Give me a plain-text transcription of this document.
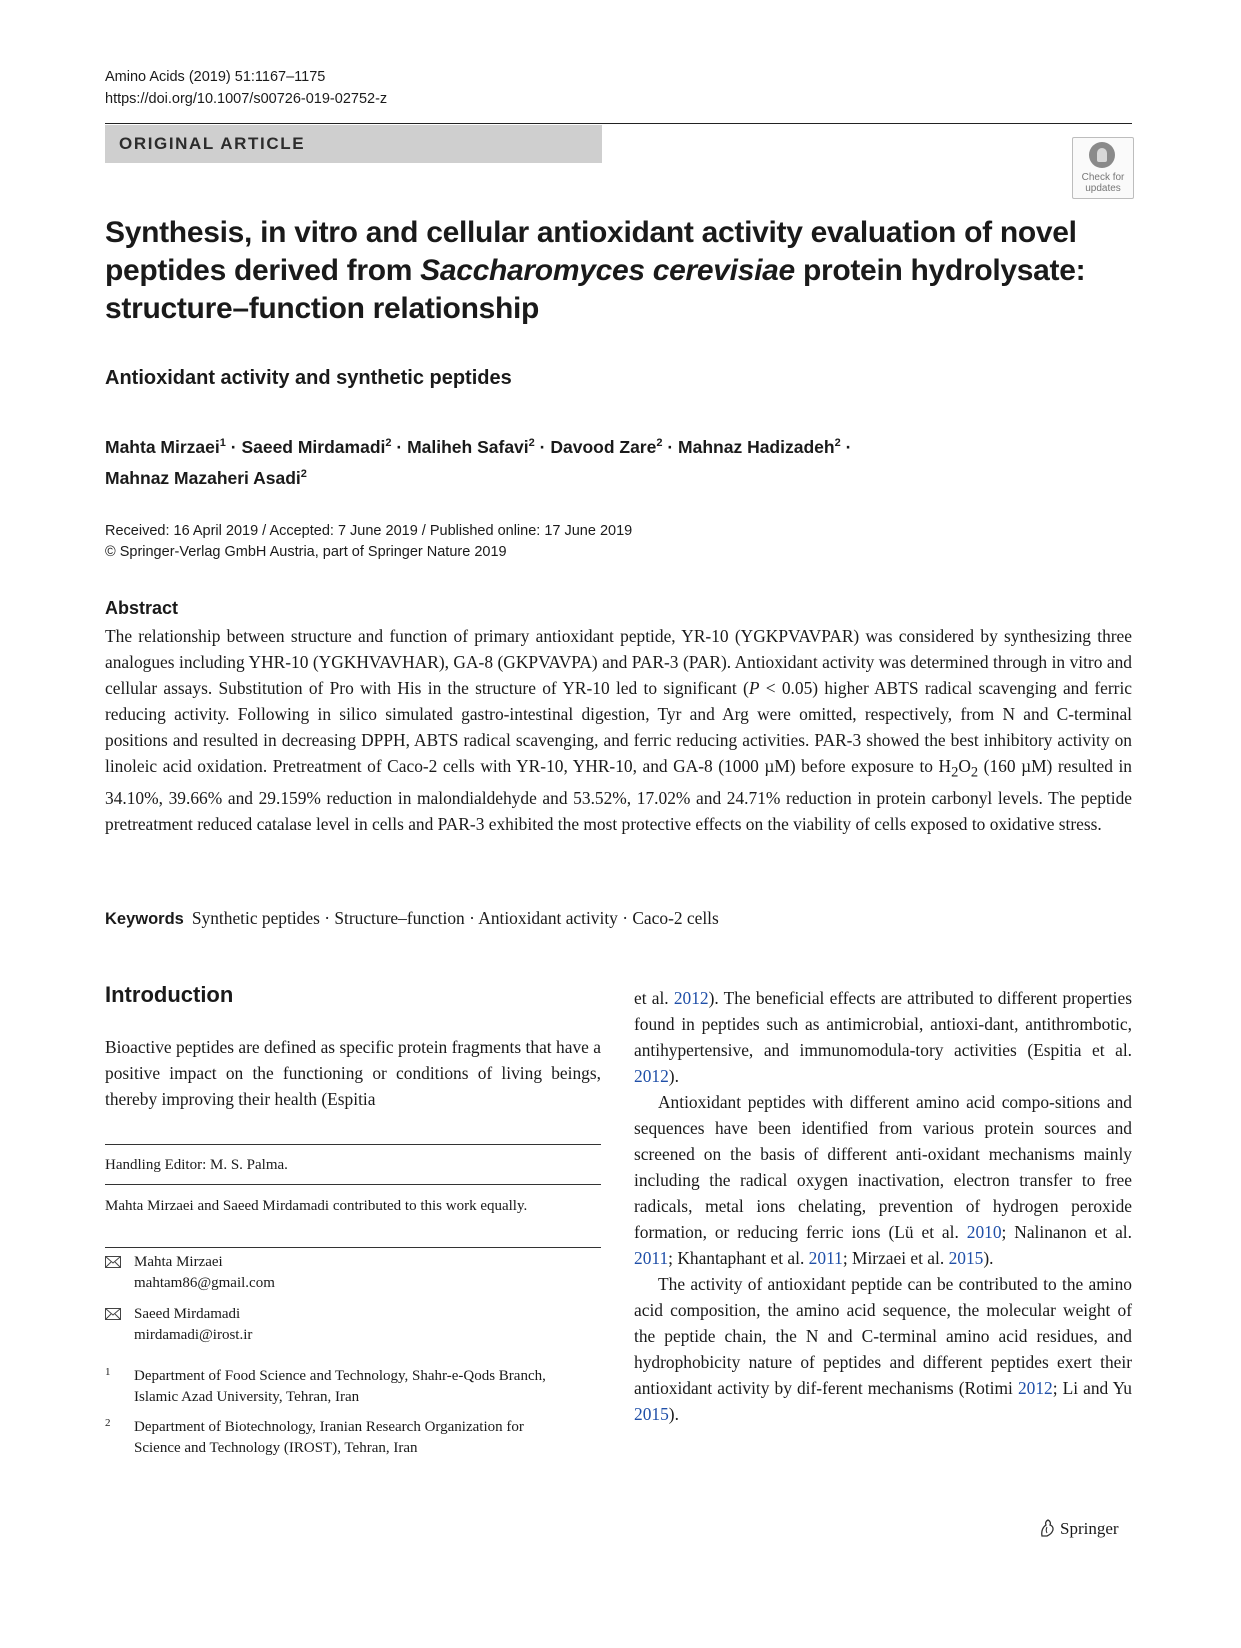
Amino Acids (2019) 51:1167–1175
https://doi.org/10.1007/s00726-019-02752-z
ORIGINAL ARTICLE
Check for
updates
Synthesis, in vitro and cellular antioxidant activity evaluation of novel peptides derived from Saccharomyces cerevisiae protein hydrolysate: structure–function relationship
Antioxidant activity and synthetic peptides
Mahta Mirzaei$^1$ · Saeed Mirdamadi$^2$ · Maliheh Safavi$^2$ · Davood Zare$^2$ · Mahnaz Hadizadeh$^2$ ·
Mahnaz Mazaheri Asadi$^2$
Received: 16 April 2019 / Accepted: 7 June 2019 / Published online: 17 June 2019
© Springer-Verlag GmbH Austria, part of Springer Nature 2019
Abstract
The relationship between structure and function of primary antioxidant peptide, YR-10 (YGKPVAVPAR) was considered by synthesizing three analogues including YHR-10 (YGKHVAVHAR), GA-8 (GKPVAVPA) and PAR-3 (PAR). Antioxidant activity was determined through in vitro and cellular assays. Substitution of Pro with His in the structure of YR-10 led to significant (P < 0.05) higher ABTS radical scavenging and ferric reducing activity. Following in silico simulated gastro-intestinal digestion, Tyr and Arg were omitted, respectively, from N and C-terminal positions and resulted in decreasing DPPH, ABTS radical scavenging, and ferric reducing activities. PAR-3 showed the best inhibitory activity on linoleic acid oxidation. Pretreatment of Caco-2 cells with YR-10, YHR-10, and GA-8 (1000 µM) before exposure to $H_2O_2$ (160 µM) resulted in 34.10%, 39.66% and 29.159% reduction in malondialdehyde and 53.52%, 17.02% and 24.71% reduction in protein carbonyl levels. The peptide pretreatment reduced catalase level in cells and PAR-3 exhibited the most protective effects on the viability of cells exposed to oxidative stress.
Keywords Synthetic peptides · Structure–function · Antioxidant activity · Caco-2 cells
Introduction
Bioactive peptides are defined as specific protein fragments that have a positive impact on the functioning or conditions of living beings, thereby improving their health (Espitia
Handling Editor: M. S. Palma.
Mahta Mirzaei and Saeed Mirdamadi contributed to this work equally.
Mahta Mirzaei
mahtam86@gmail.com
Saeed Mirdamadi
mirdamadi@irost.ir
1 Department of Food Science and Technology, Shahr-e-Qods Branch, Islamic Azad University, Tehran, Iran
2 Department of Biotechnology, Iranian Research Organization for Science and Technology (IROST), Tehran, Iran

et al. 2012). The beneficial effects are attributed to different properties found in peptides such as antimicrobial, antioxi-dant, antithrombotic, antihypertensive, and immunomodula-tory activities (Espitia et al. 2012).

Antioxidant peptides with different amino acid compo-sitions and sequences have been identified from various protein sources and screened on the basis of different anti-oxidant mechanisms mainly including the radical oxygen inactivation, electron transfer to free radicals, metal ions chelating, prevention of hydrogen peroxide formation, or reducing ferric ions (Lü et al. 2010; Nalinanon et al. 2011; Khantaphant et al. 2011; Mirzaei et al. 2015).

The activity of antioxidant peptide can be contributed to the amino acid composition, the amino acid sequence, the molecular weight of the peptide chain, the N and C-terminal amino acid residues, and hydrophobicity nature of peptides and different peptides exert their antioxidant activity by dif-ferent mechanisms (Rotimi 2012; Li and Yu 2015).

Springer
